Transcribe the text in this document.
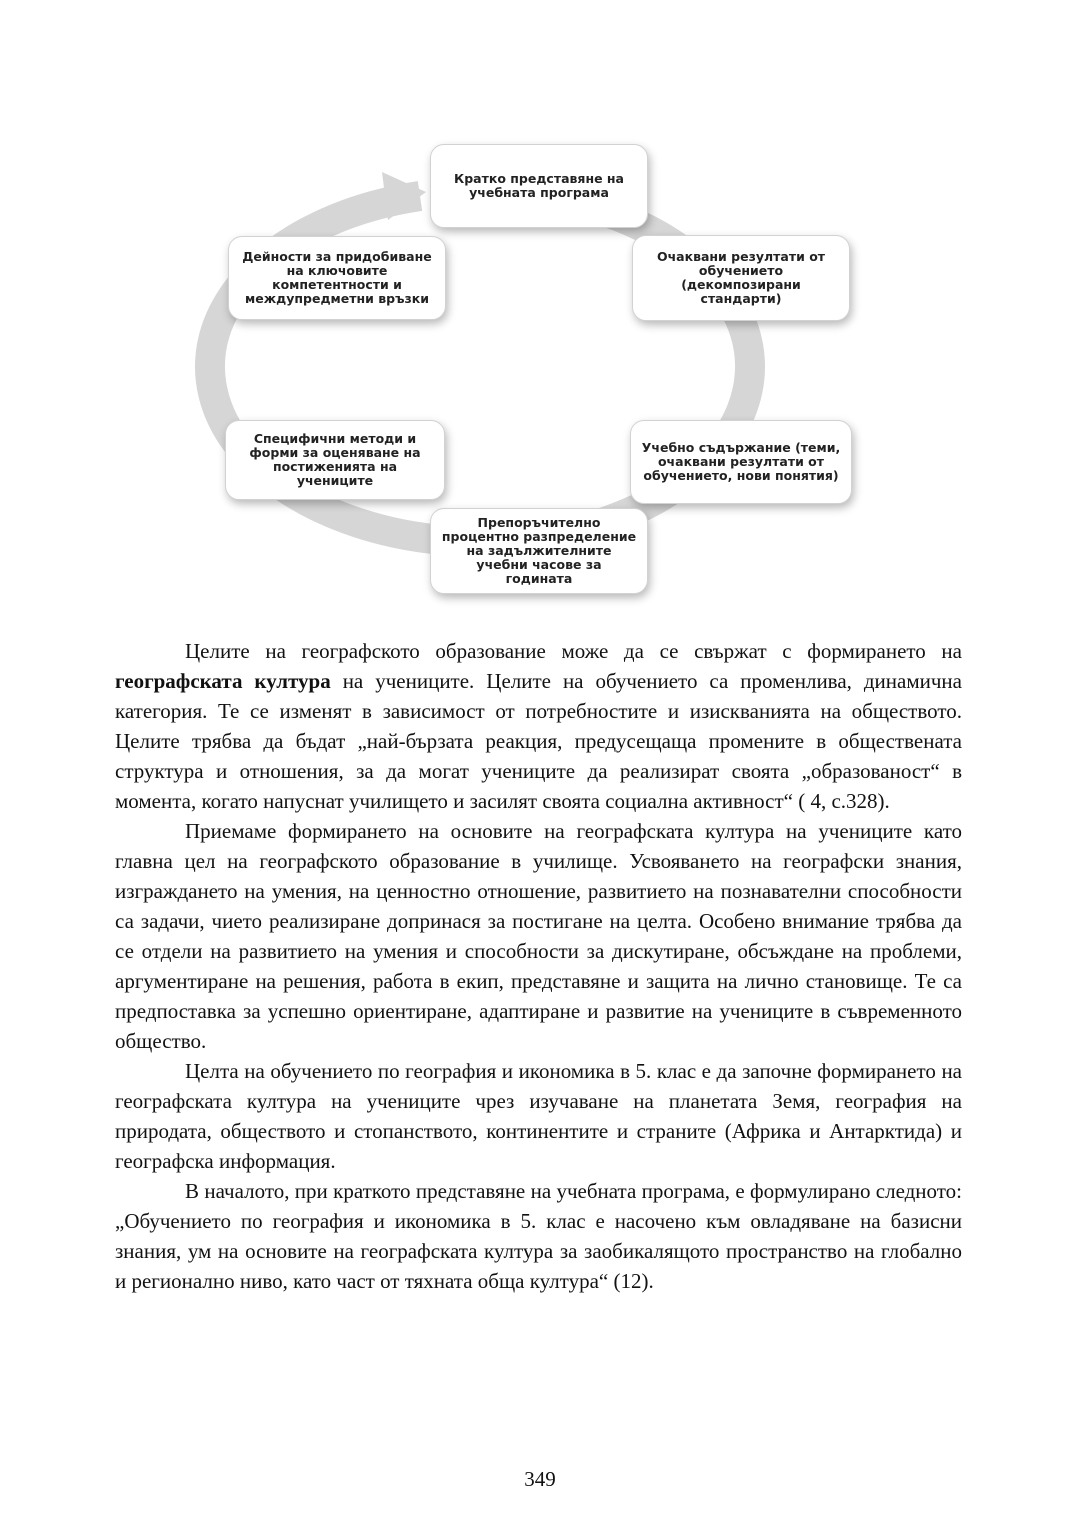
Кратко представяне на учебната програма
Очаквани резултати от обучението (декомпозирани стандарти)
Учебно съдържание (теми, очаквани резултати от обучението, нови понятия)
Препоръчително процентно разпределение на задължителните учебни часове за годината
Специфични методи и форми за оценяване на постиженията на учениците
Дейности за придобиване на ключовите компетентности и междупредметни връзки

Целите на географското образование може да се свържат с формирането на географската култура на учениците. Целите на обучението са променлива, динамична категория. Те се изменят в зависимост от потребностите и изискванията на обществото. Целите трябва да бъдат „най-бързата реакция, предусещаща промените в обществената структура и отношения, за да могат учениците да реализират своята „образованост“ в момента, когато напуснат училището и засилят своята социална активност“ ( 4, с.328).

Приемаме формирането на основите на географската култура на учениците като главна цел на географското образование в училище. Усвояването на географски знания, изграждането на умения, на ценностно отношение, развитието на познавателни способности са задачи, чието реализиране допринася за постигане на целта. Особено внимание трябва да се отдели на развитието на умения и способности за дискутиране, обсъждане на проблеми, аргументиране на решения, работа в екип, представяне и защита на лично становище. Те са предпоставка за успешно ориентиране, адаптиране и развитие на учениците в съвременното общество.

Целта на обучението по география и икономика в 5. клас е да започне формирането на географската култура на учениците чрез изучаване на планетата Земя, география на природата, обществото и стопанството, континентите и страните (Африка и Антарктида) и географска информация.

В началото, при краткото представяне на учебната програма, е формулирано следното: „Обучението по география и икономика в 5. клас е насочено към овладяване на базисни знания, ум на основите на географската култура за заобикалящото пространство на глобално и регионално ниво, като част от тяхната обща култура“ (12).

349
